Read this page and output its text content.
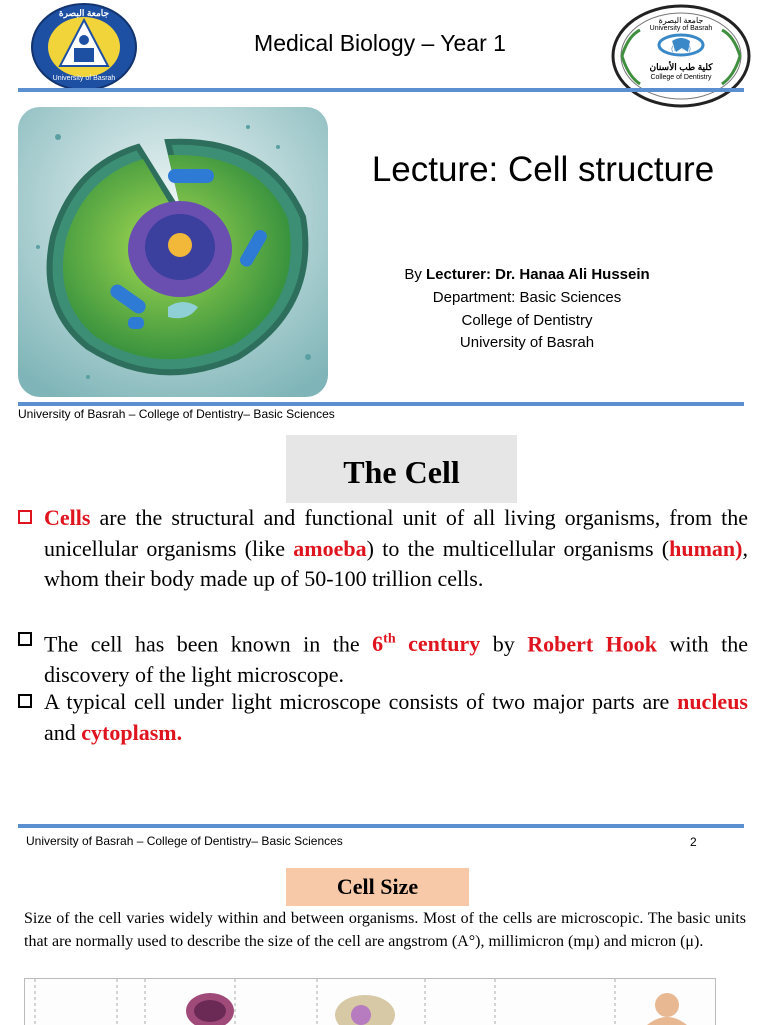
جامعة البصرة
University of Basrah
Medical Biology – Year 1
جامعة البصرة
University of Basrah
(٢٠٠٠)
كلية طب الأسنان
College of Dentistry
Lecture: Cell structure
By Lecturer: Dr. Hanaa Ali Hussein
Department: Basic Sciences
College of Dentistry
University of Basrah
University of Basrah – College of Dentistry– Basic Sciences
The Cell
Cells are the structural and functional unit of all living organisms, from the unicellular organisms (like amoeba) to the multicellular organisms (human), whom their body made up of 50-100 trillion cells.
The cell has been known in the 6th century by Robert Hook with the discovery of the light microscope.
A typical cell under light microscope consists of two major parts are nucleus and cytoplasm.
University of Basrah – College of Dentistry– Basic Sciences	2
Cell Size
Size of the cell varies widely within and between organisms. Most of the cells are microscopic. The basic units that are normally used to describe the size of the cell are angstrom (A°), millimicron (mμ) and micron (μ).
